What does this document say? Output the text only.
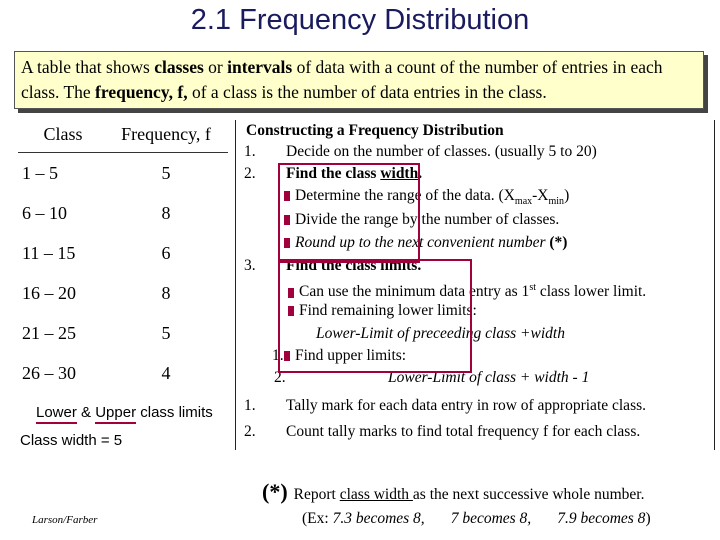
2.1 Frequency Distribution
A table that shows classes or intervals of data with a count of the number of entries in each class. The frequency, f, of a class is the number of data entries in the class.
Class	Frequency, f
1 – 5	5
6 – 10	8
11 – 15	6
16 – 20	8
21 – 25	5
26 – 30	4
Lower & Upper class limits
Class width = 5
Larson/Farber
Constructing a Frequency Distribution
1. Decide on the number of classes. (usually 5 to 20)
2. Find the class width.
Determine the range of the data. $(X_{max}-X_{min})$
Divide the range by the number of classes.
Round up to the next convenient number (*)
3. Find the class limits.
Can use the minimum data entry as 1st class lower limit.
Find remaining lower limits:
Lower-Limit of preceeding class +width
1. Find upper limits:
2.	Lower-Limit of class + width - 1
1. Tally mark for each data entry in row of appropriate class.
2. Count tally marks to find total frequency f for each class.
(*) Report class width as the next successive whole number.
(Ex: 7.3 becomes 8, 7 becomes 8, 7.9 becomes 8)
